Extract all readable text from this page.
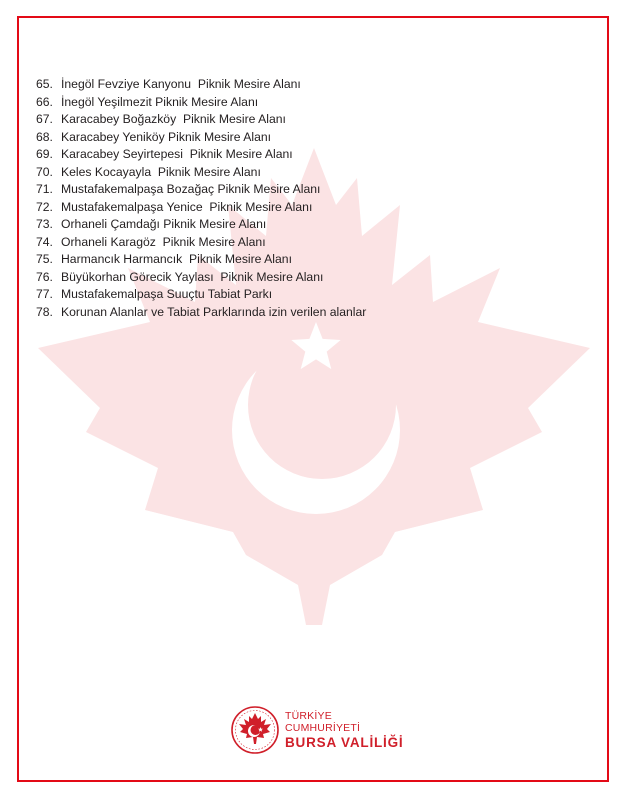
65. İnegöl Fevziye Kanyonu  Piknik Mesire Alanı
66. İnegöl Yeşilmezit Piknik Mesire Alanı
67. Karacabey Boğazköy  Piknik Mesire Alanı
68. Karacabey Yeniköy Piknik Mesire Alanı
69. Karacabey Seyirtepesi  Piknik Mesire Alanı
70. Keles Kocayayla  Piknik Mesire Alanı
71. Mustafakemalpaşa Bozağaç Piknik Mesire Alanı
72. Mustafakemalpaşa Yenice  Piknik Mesire Alanı
73. Orhaneli Çamdağı Piknik Mesire Alanı
74. Orhaneli Karagöz  Piknik Mesire Alanı
75. Harmancık Harmancık  Piknik Mesire Alanı
76. Büyükorhan Görecik Yaylası  Piknik Mesire Alanı
77. Mustafakemalpaşa Suuçtu Tabiat Parkı
78. Korunan Alanlar ve Tabiat Parklarında izin verilen alanlar
TÜRKİYE CUMHURİYETİ
BURSA VALİLİĞİ
